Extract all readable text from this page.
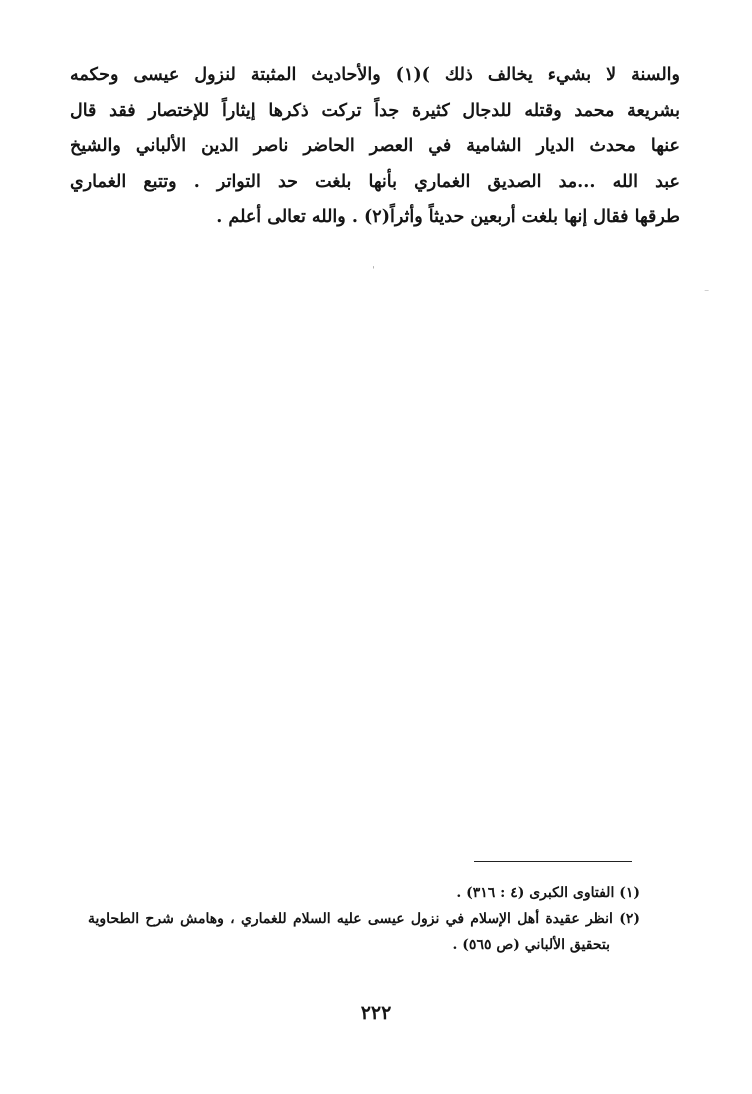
والسنة لا بشيء يخالف ذلك )(١) والأحاديث المثبتة لنزول عيسى وحكمه
بشريعة محمد وقتله للدجال كثيرة جداً تركت ذكرها إيثاراً للإختصار فقد قال
عنها محدث الديار الشامية في العصر الحاضر ناصر الدين الألباني والشيخ
عبد الله ...مد الصديق الغماري بأنها بلغت حد التواتر . وتتبع الغماري
طرقها فقال إنها بلغت أربعين حديثاً وأثراً(٢) . والله تعالى أعلم .
ˈ
⁻
(١) الفتاوى الكبرى (٤ : ٣١٦) .
(٢) انظر عقيدة أهل الإسلام في نزول عيسى عليه السلام للغماري ، وهامش شرح الطحاوية
بتحقيق الألباني (ص ٥٦٥) .
٢٢٢
